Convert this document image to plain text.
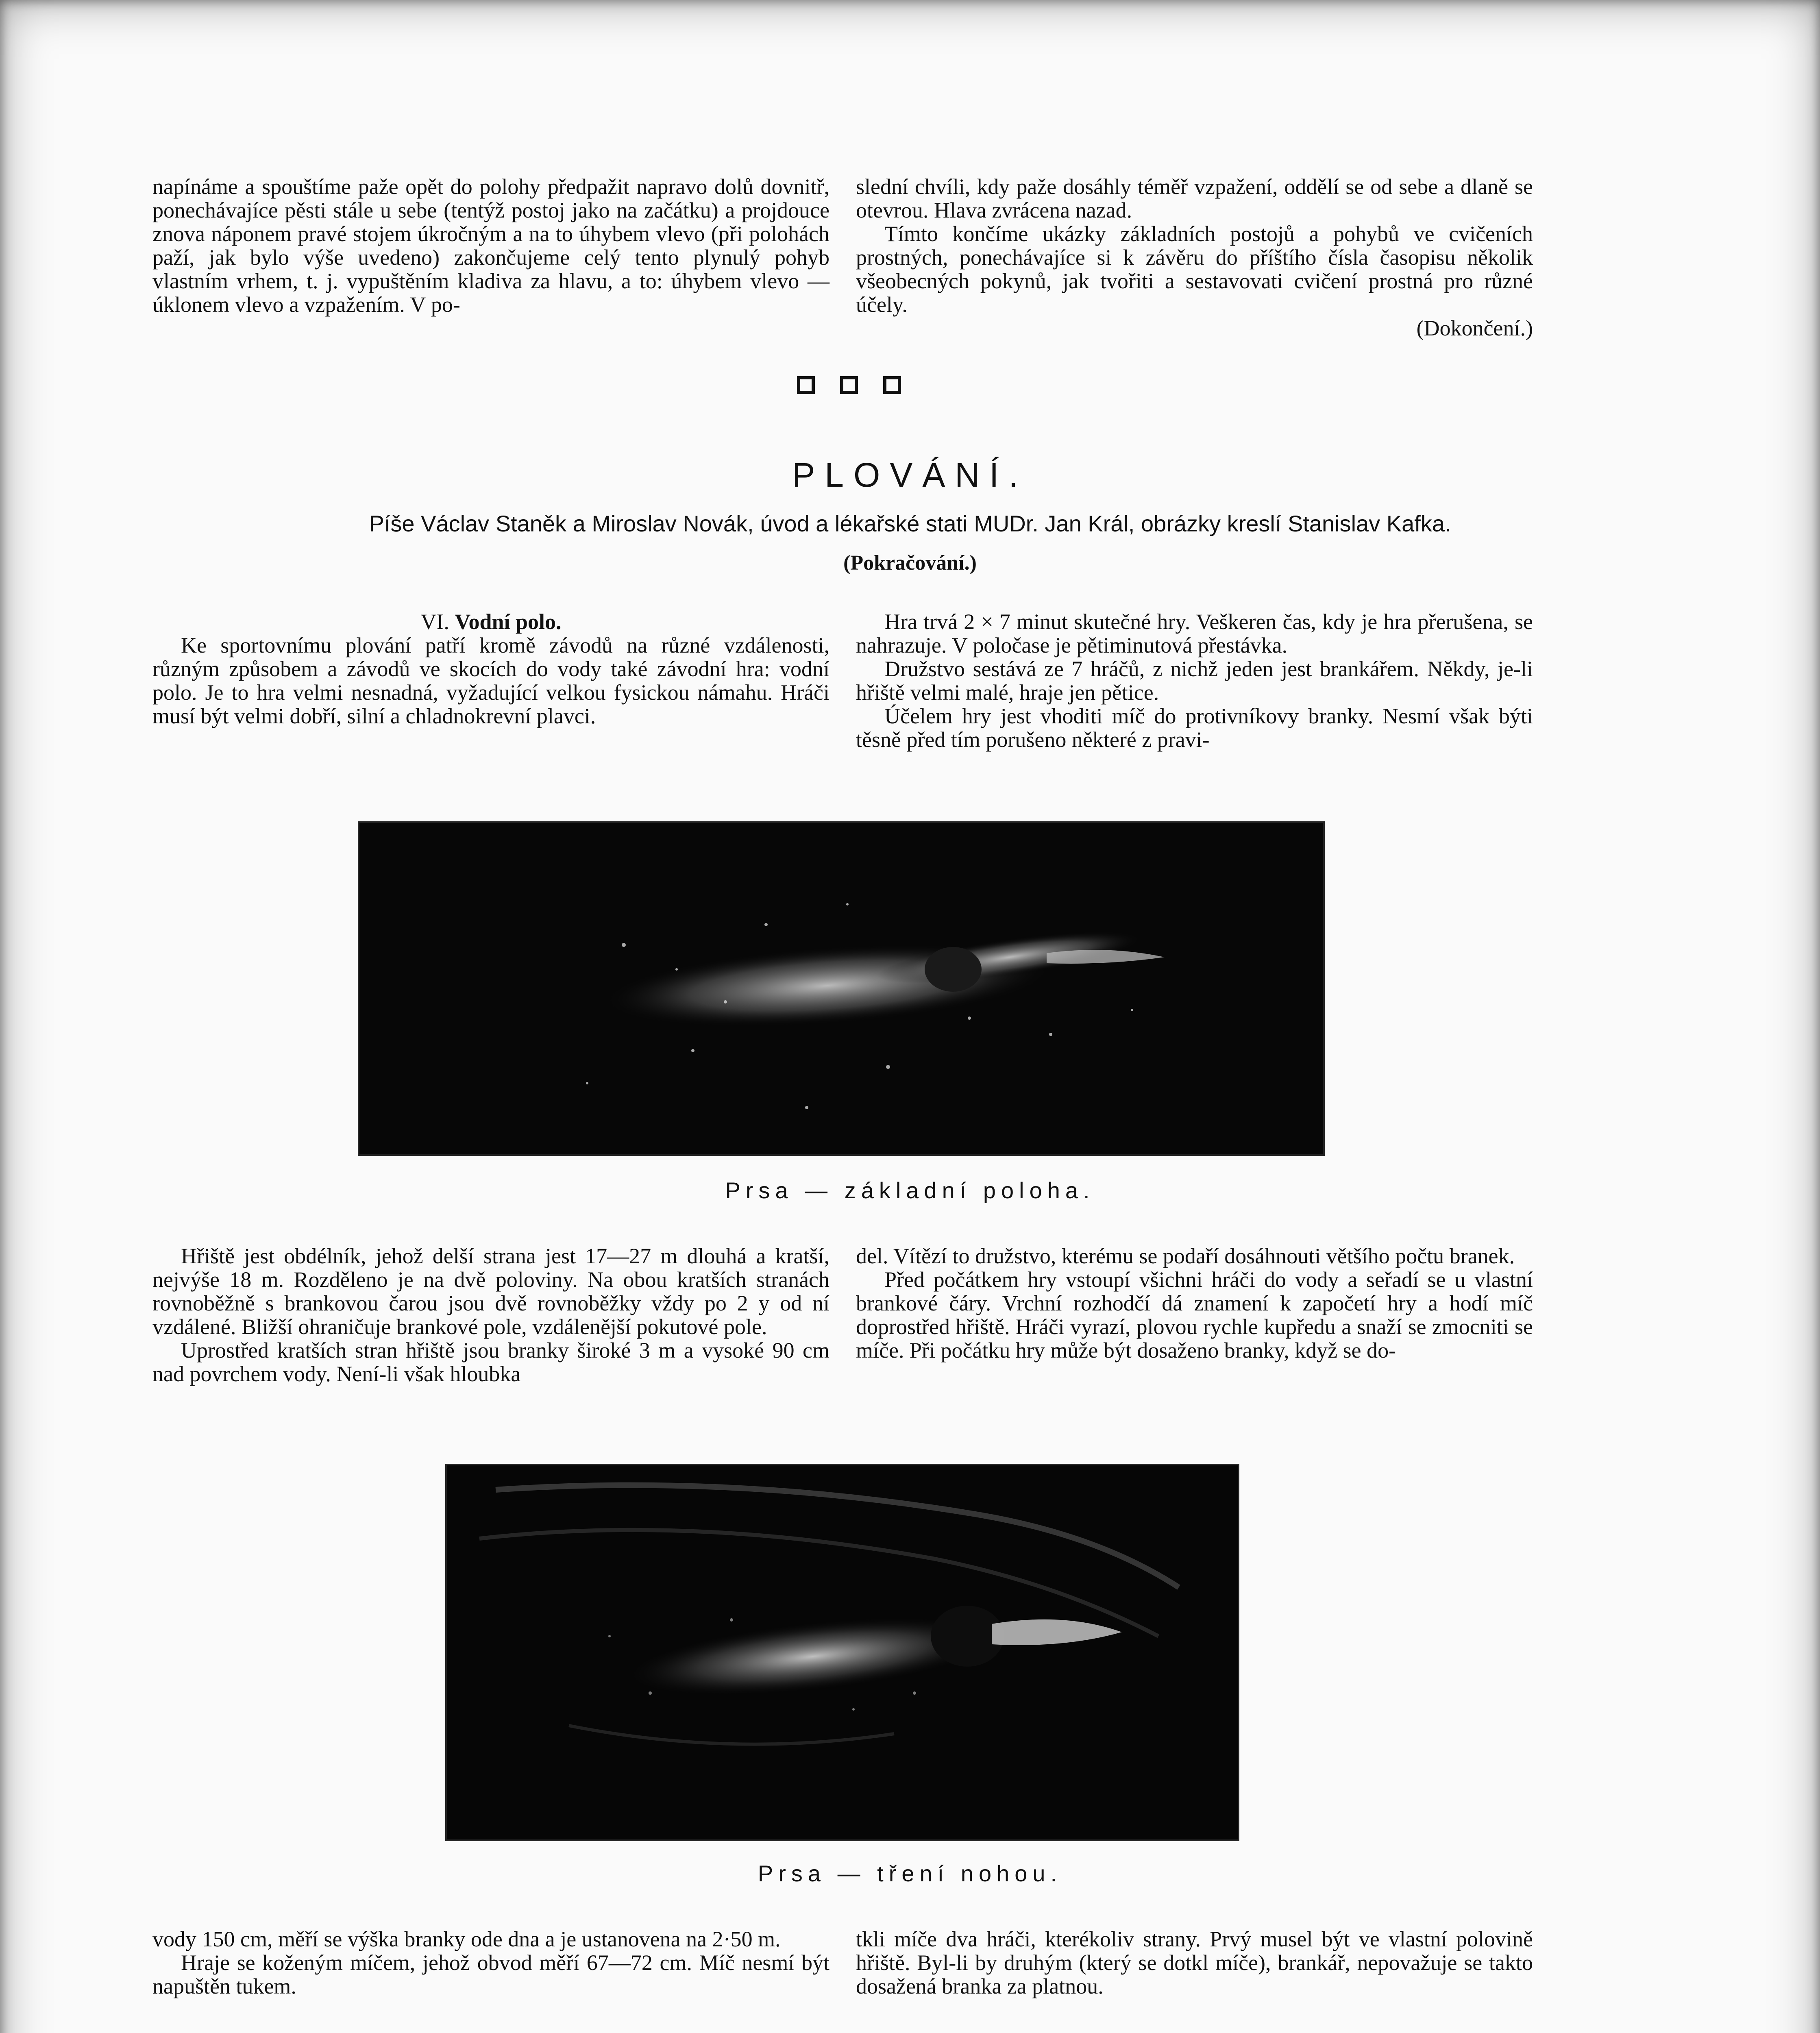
napínáme a spouštíme paže opět do polohy předpažit napravo dolů dovnitř, ponechávajíce pěsti stále u sebe (tentýž postoj jako na začátku) a projdouce znova náponem pravé stojem úkročným a na to úhybem vlevo (při polohách paží, jak bylo výše uvedeno) zakončujeme celý tento plynulý pohyb vlastním vrhem, t. j. vypuštěním kladiva za hlavu, a to: úhybem vlevo — úklonem vlevo a vzpažením. V po-

slední chvíli, kdy paže dosáhly téměř vzpažení, oddělí se od sebe a dlaně se otevrou. Hlava zvrácena nazad.

Tímto končíme ukázky základních postojů a pohybů ve cvičeních prostných, ponechávajíce si k závěru do příštího čísla časopisu několik všeobecných pokynů, jak tvořiti a sestavovati cvičení prostná pro různé účely.

(Dokončení.)

PLOVÁNÍ.
Píše Václav Staněk a Miroslav Novák, úvod a lékařské stati MUDr. Jan Král, obrázky kreslí Stanislav Kafka.
(Pokračování.)

VI. Vodní polo.

Ke sportovnímu plování patří kromě závodů na různé vzdálenosti, různým způsobem a závodů ve skocích do vody také závodní hra: vodní polo. Je to hra velmi nesnadná, vyžadující velkou fysickou námahu. Hráči musí být velmi dobří, silní a chladnokrevní plavci.

Hra trvá 2 × 7 minut skutečné hry. Veškeren čas, kdy je hra přerušena, se nahrazuje. V poločase je pětiminutová přestávka.

Družstvo sestává ze 7 hráčů, z nichž jeden jest brankářem. Někdy, je-li hřiště velmi malé, hraje jen pětice.

Účelem hry jest vhoditi míč do protivníkovy branky. Nesmí však býti těsně před tím porušeno některé z pravi-

Prsa — základní poloha.

Hřiště jest obdélník, jehož delší strana jest 17—27 m dlouhá a kratší, nejvýše 18 m. Rozděleno je na dvě poloviny. Na obou kratších stranách rovnoběžně s brankovou čarou jsou dvě rovnoběžky vždy po 2 y od ní vzdálené. Bližší ohraničuje brankové pole, vzdálenější pokutové pole.

Uprostřed kratších stran hřiště jsou branky široké 3 m a vysoké 90 cm nad povrchem vody. Není-li však hloubka

del. Vítězí to družstvo, kterému se podaří dosáhnouti většího počtu branek.

Před počátkem hry vstoupí všichni hráči do vody a seřadí se u vlastní brankové čáry. Vrchní rozhodčí dá znamení k započetí hry a hodí míč doprostřed hřiště. Hráči vyrazí, plovou rychle kupředu a snaží se zmocniti se míče. Při počátku hry může být dosaženo branky, když se do-

Prsa — tření nohou.

vody 150 cm, měří se výška branky ode dna a je ustanovena na 2·50 m.

Hraje se koženým míčem, jehož obvod měří 67—72 cm. Míč nesmí být napuštěn tukem.

tkli míče dva hráči, kterékoliv strany. Prvý musel být ve vlastní polovině hřiště. Byl-li by druhým (který se dotkl míče), brankář, nepovažuje se takto dosažená branka za platnou.
